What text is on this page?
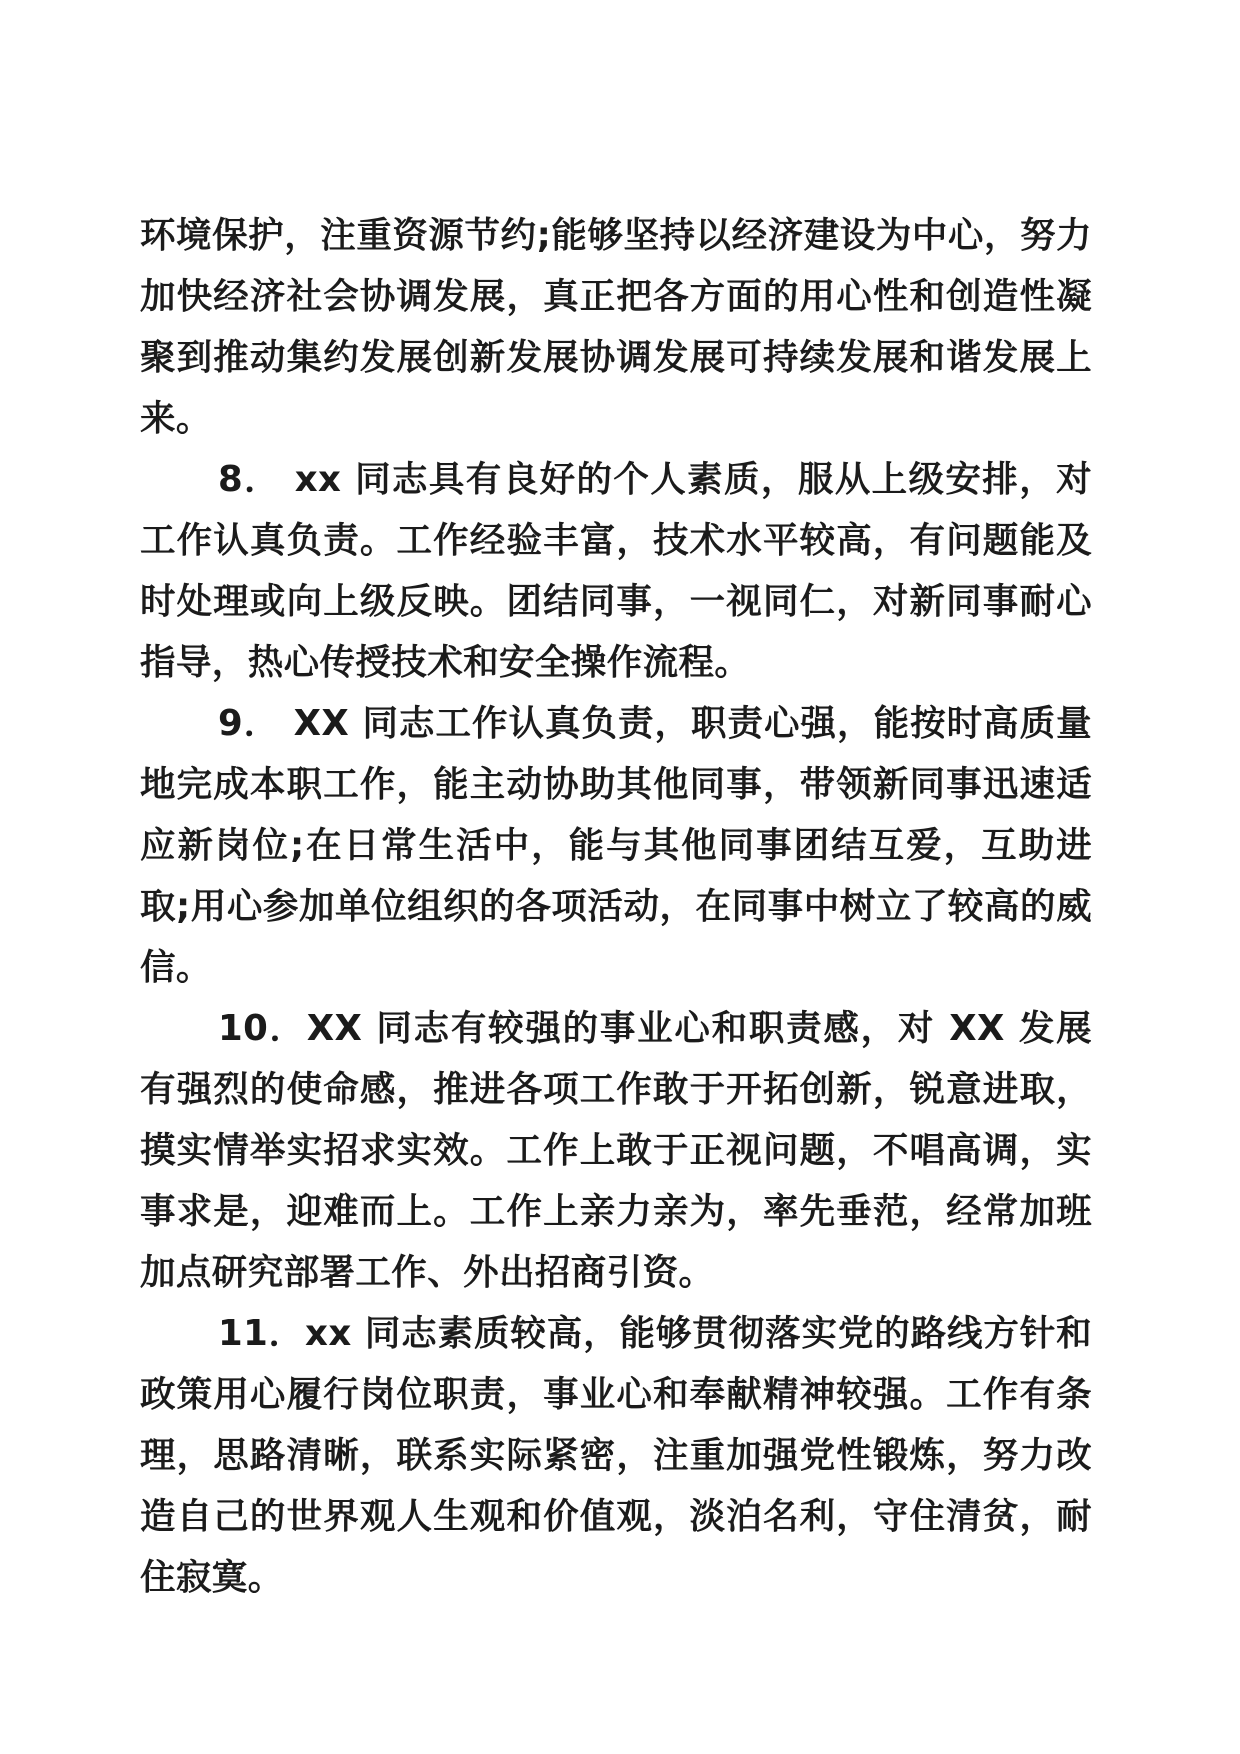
环境保护，注重资源节约;能够坚持以经济建设为中心，努力加快经济社会协调发展，真正把各方面的用心性和创造性凝聚到推动集约发展创新发展协调发展可持续发展和谐发展上来。

8． xx 同志具有良好的个人素质，服从上级安排，对工作认真负责。工作经验丰富，技术水平较高，有问题能及时处理或向上级反映。团结同事，一视同仁，对新同事耐心指导，热心传授技术和安全操作流程。

9． XX 同志工作认真负责，职责心强，能按时高质量地完成本职工作，能主动协助其他同事，带领新同事迅速适应新岗位;在日常生活中，能与其他同事团结互爱，互助进取;用心参加单位组织的各项活动，在同事中树立了较高的威信。

10．XX 同志有较强的事业心和职责感，对 XX 发展有强烈的使命感，推进各项工作敢于开拓创新，锐意进取，摸实情举实招求实效。工作上敢于正视问题，不唱高调，实事求是，迎难而上。工作上亲力亲为，率先垂范，经常加班加点研究部署工作、外出招商引资。

11．xx 同志素质较高，能够贯彻落实党的路线方针和政策用心履行岗位职责，事业心和奉献精神较强。工作有条理，思路清晰，联系实际紧密，注重加强党性锻炼，努力改造自己的世界观人生观和价值观，淡泊名利，守住清贫，耐住寂寞。
